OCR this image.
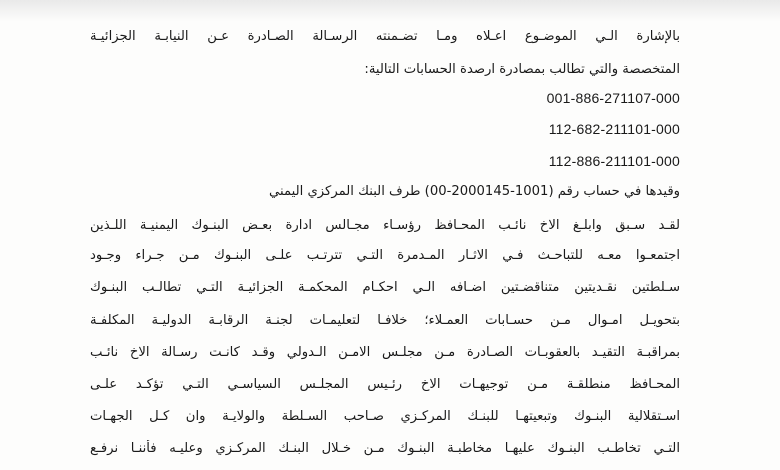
بالإشارة الـي الموضـوع اعـلاه ومـا تضـمنته الرسـالة الصـادرة عـن النيابـة الجزائيـة
المتخصصة والتي تطالب بمصادرة ارصدة الحسابات التالية:
001-886-271107-000
112-682-211101-000
112-886-211101-000
وقيدها في حساب رقم (1001-2000145-00) طرف البنك المركزي اليمني
لقـد سـبق وابلـغ الاخ نائـب المحـافظ رؤسـاء مجـالس ادارة بعـض البنـوك اليمنيـة اللـذين
اجتمعـوا معـه للتباحـث فـي الاثـار المـدمرة التـي تترتـب علـى البنـوك مـن جـراء وجـود
سـلطتين نقـديتين متناقضـتين اضـافه الـي احكـام المحكمـة الجزائيـة التـي تطالـب البنـوك
بتحويـل امـوال مـن حسـابات العمـلاء؛ خلافـا لتعليمـات لجنـة الرقابـة الدوليـة المكلفـة
بمراقبـة التقيـد بالعقوبـات الصـادرة مـن مجلـس الامـن الـدولي وقـد كانـت رسـالة الاخ نائـب
المحـافظ منطلقـة مـن توجيهـات الاخ رئـيس المجلـس السياسـي التـي تؤكـد علـى
اسـتقلالية البنـوك وتبعيتهـا للبنـك المركـزي صـاحب السـلطة والولايـة وان كـل الجهـات
التـي تخاطـب البنـوك عليهـا مخاطبـة البنـوك مـن خـلال البنـك المركـزي وعليـه فأننـا نرفـع
